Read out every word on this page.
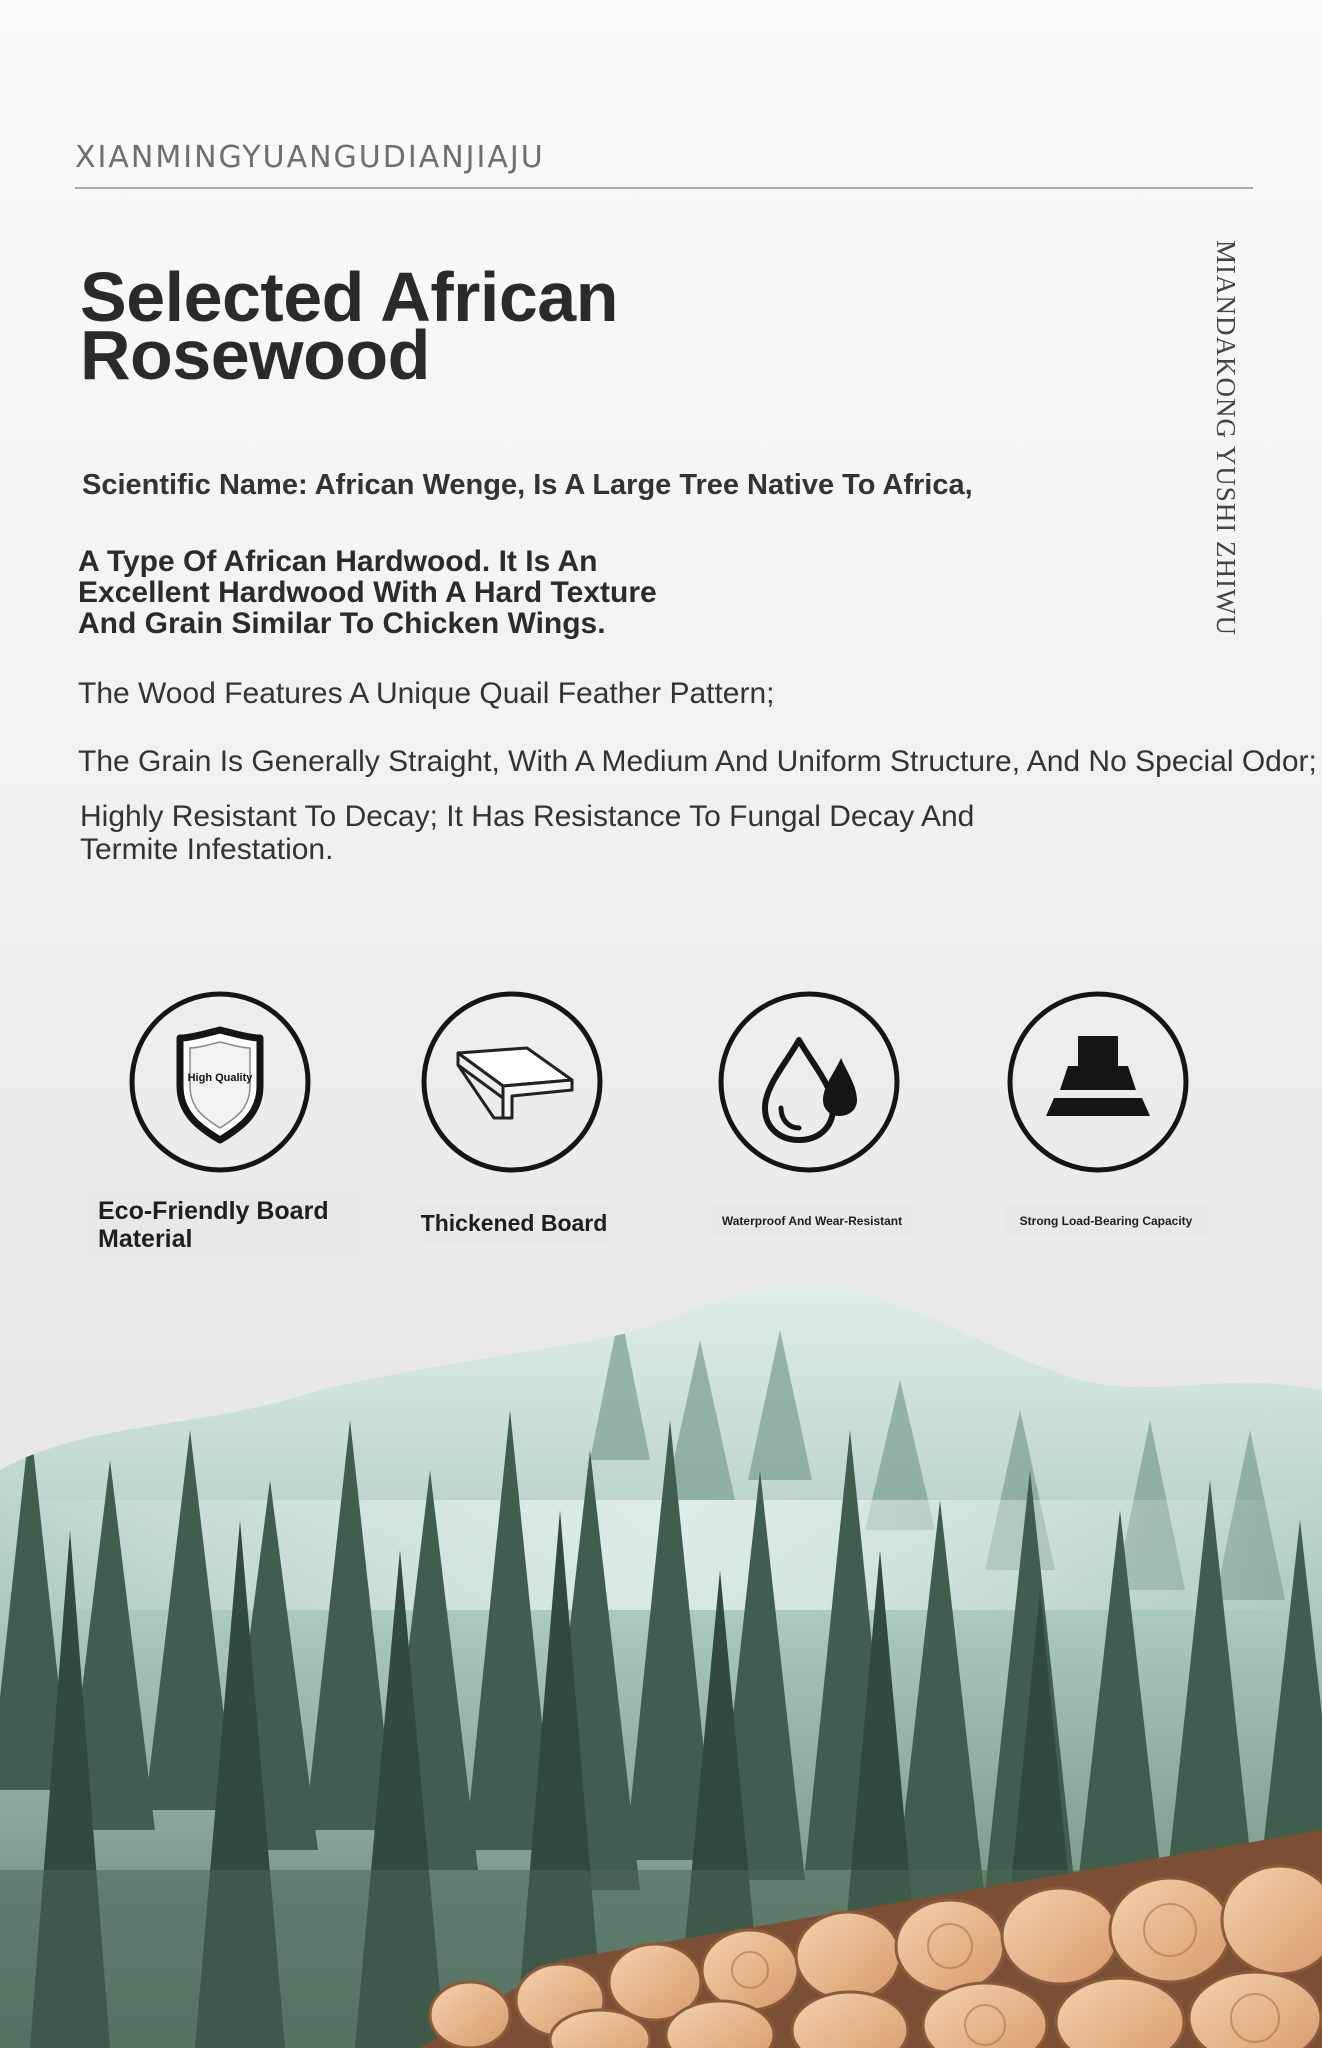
XIANMINGYUANGUDIANJIAJU
MIANDAKONG YUSHI ZHIWU
Selected African
Rosewood
Scientific Name: African Wenge, Is A Large Tree Native To Africa,
A Type Of African Hardwood. It Is An
Excellent Hardwood With A Hard Texture
And Grain Similar To Chicken Wings.
The Wood Features A Unique Quail Feather Pattern;
The Grain Is Generally Straight, With A Medium And Uniform Structure, And No Special Odor;
Highly Resistant To Decay; It Has Resistance To Fungal Decay And
Termite Infestation.
High Quality
Eco-Friendly Board
Material
Thickened Board	Waterproof And Wear-Resistant	Strong Load-Bearing Capacity
